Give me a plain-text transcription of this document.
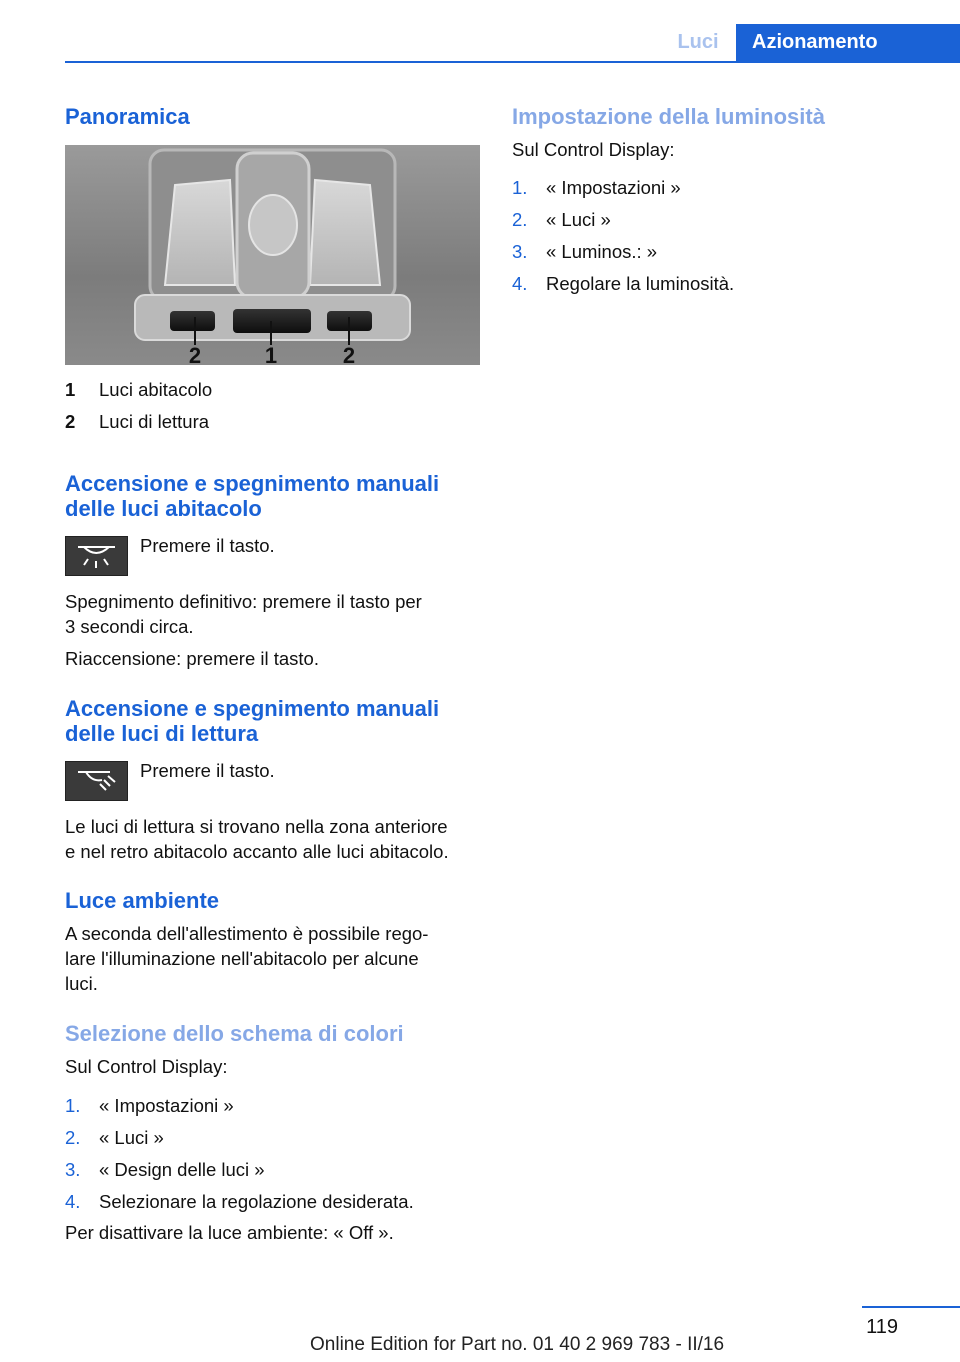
Luci	Azionamento
Panoramica
2	1	2
1 Luci abitacolo
2 Luci di lettura
Accensione e spegnimento manuali
delle luci abitacolo
Premere il tasto.
Spegnimento definitivo: premere il tasto per
3 secondi circa.
Riaccensione: premere il tasto.
Accensione e spegnimento manuali
delle luci di lettura
Premere il tasto.
Le luci di lettura si trovano nella zona anteriore
e nel retro abitacolo accanto alle luci abitacolo.
Luce ambiente
A seconda dell'allestimento è possibile rego‐
lare l'illuminazione nell'abitacolo per alcune
luci.
Selezione dello schema di colori
Sul Control Display:
1. « Impostazioni »
2. « Luci »
3. « Design delle luci »
4. Selezionare la regolazione desiderata.
Per disattivare la luce ambiente: « Off ».
Impostazione della luminosità
Sul Control Display:
1. « Impostazioni »
2. « Luci »
3. « Luminos.: »
4. Regolare la luminosità.
119
Online Edition for Part no. 01 40 2 969 783 - II/16
